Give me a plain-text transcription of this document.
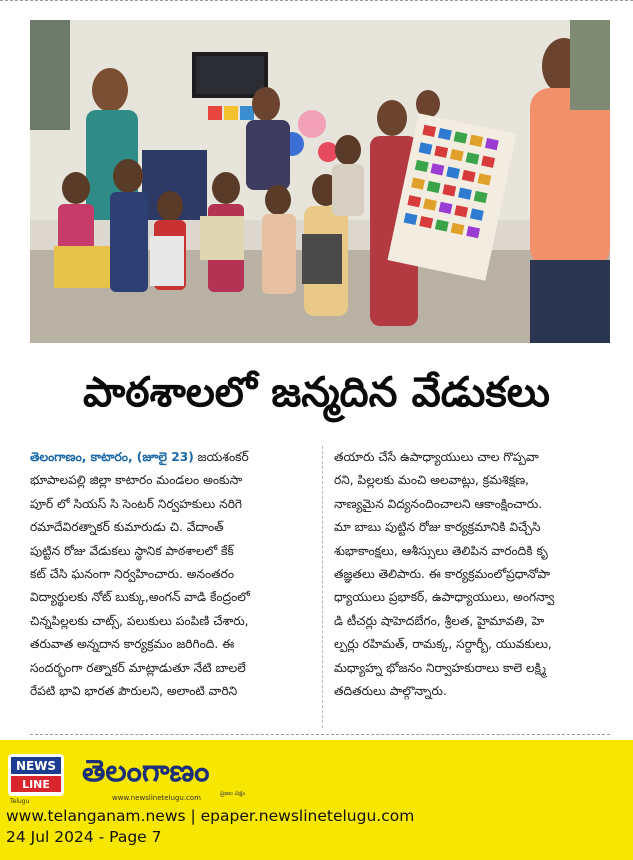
పాఠశాలలో జన్మదిన వేడుకలు
తెలంగాణం, కాటారం, (జూలై 23) జయశంకర్
భూపాలపల్లి జిల్లా కాటారం మండలం అంకుసా
పూర్ లో సియస్ సి సెంటర్ నిర్వహకులు నరిగె
రమాదేవిరత్నాకర్ కుమారుడు చి. వేదాంత్
పుట్టిన రోజు వేడుకలు స్థానిక పాఠశాలలో కేక్
కట్ చేసి ఘనంగా నిర్వహించారు. అనంతరం
విద్యార్థులకు నోట్ బుక్కు,అంగన్ వాడి కేంద్రంలో
చిన్నపిల్లలకు చాట్స్, పలుకులు పంపిణి చేశారు,
తరువాత అన్నదాన కార్యక్రమం జరిగింది. ఈ
సందర్భంగా రత్నాకర్ మాట్లాడుతూ నేటి బాలలే
రేపటి భావి భారత పౌరులని, అలాంటి వారిని
తయారు చేసే ఉపాధ్యాయులు చాల గొప్పవా
రని, పిల్లలకు మంచి అలవాట్లు, క్రమశిక్షణ,
నాణ్యమైన విద్యనందించాలని ఆకాంక్షించారు.
మా బాబు పుట్టిన రోజు కార్యక్రమానికి విచ్చేసి
శుభాకాంక్షలు, ఆశీస్సులు తెలిపిన వారందికి కృ
తజ్ఞతలు తెలిపారు. ఈ కార్యక్రమంలోప్రధానోపా
ధ్యాయులు ప్రభాకర్, ఉపాధ్యాయులు, అంగన్వా
డి టీచర్లు షాహెదబేగం, శ్రీలత, హైమావతి, హె
ల్పర్లు రహిమత్, రామక్క, సర్దార్బీ, యువకులు,
మధ్యాహ్న భోజనం నిర్వాహకురాలు కాలె లక్ష్మి
తదితరులు పాల్గొన్నారు.
NEWS
LINE
Telugu
తెలంగాణం
ప్రజల పక్షం
www.newslinetelugu.com
www.telanganam.news | epaper.newslinetelugu.com
24 Jul 2024 - Page 7
